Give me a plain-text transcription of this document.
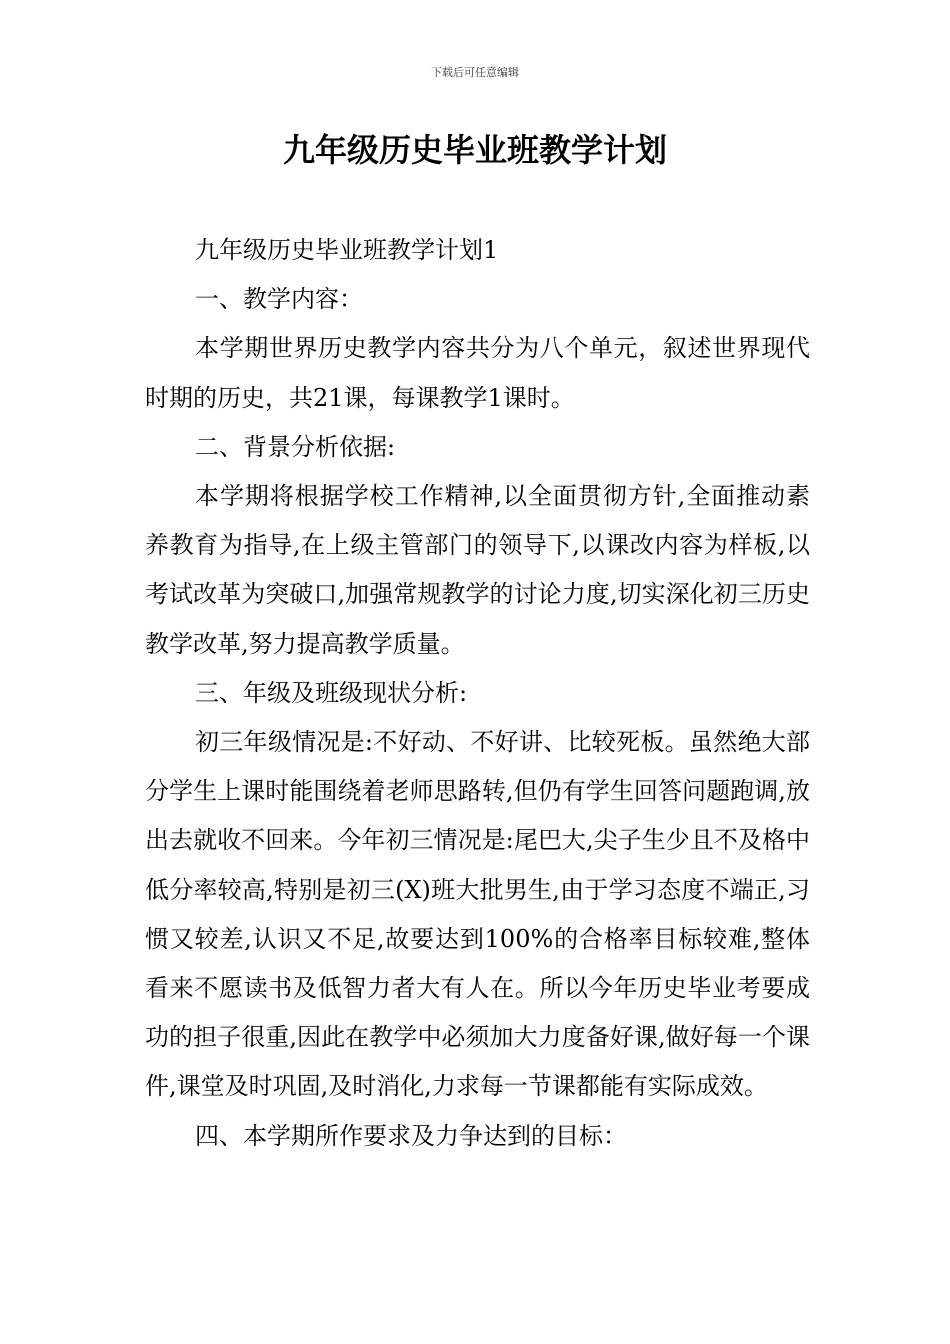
下载后可任意编辑
九年级历史毕业班教学计划

九年级历史毕业班教学计划1

一、教学内容：

本学期世界历史教学内容共分为八个单元，叙述世界现代时期的历史，共21课，每课教学1课时。

二、背景分析依据:

本学期将根据学校工作精神,以全面贯彻方针,全面推动素养教育为指导,在上级主管部门的领导下,以课改内容为样板,以考试改革为突破口,加强常规教学的讨论力度,切实深化初三历史教学改革,努力提高教学质量。

三、年级及班级现状分析:

初三年级情况是:不好动、不好讲、比较死板。虽然绝大部分学生上课时能围绕着老师思路转,但仍有学生回答问题跑调,放出去就收不回来。今年初三情况是:尾巴大,尖子生少且不及格中低分率较高,特别是初三(X)班大批男生,由于学习态度不端正,习惯又较差,认识又不足,故要达到100%的合格率目标较难,整体看来不愿读书及低智力者大有人在。所以今年历史毕业考要成功的担子很重,因此在教学中必须加大力度备好课,做好每一个课件,课堂及时巩固,及时消化,力求每一节课都能有实际成效。

四、本学期所作要求及力争达到的目标：
